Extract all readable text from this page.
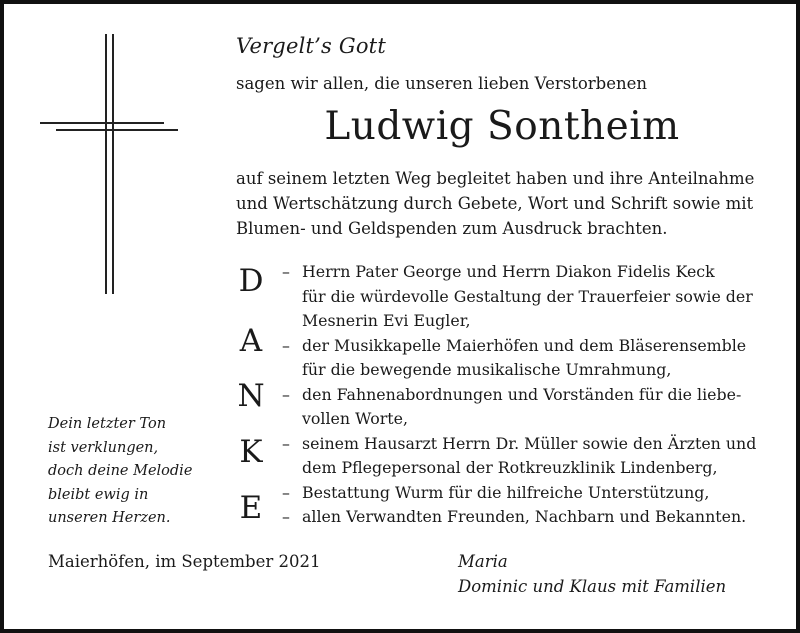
Vergelt’s Gott
sagen wir allen, die unseren lieben Verstorbenen
Ludwig Sontheim
auf seinem letzten Weg begleitet haben und ihre Anteilnahme
und Wertschätzung durch Gebete, Wort und Schrift sowie mit
Blumen- und Geldspenden zum Ausdruck brachten.
D
A
N
K
E
– Herrn Pater George und Herrn Diakon Fidelis Keck
für die würdevolle Gestaltung der Trauerfeier sowie der
Mesnerin Evi Eugler,
– der Musikkapelle Maierhöfen und dem Bläserensemble
für die bewegende musikalische Umrahmung,
– den Fahnenabordnungen und Vorständen für die liebe-
vollen Worte,
– seinem Hausarzt Herrn Dr. Müller sowie den Ärzten und
dem Pflegepersonal der Rotkreuzklinik Lindenberg,
– Bestattung Wurm für die hilfreiche Unterstützung,
– allen Verwandten Freunden, Nachbarn und Bekannten.
Dein letzter Ton
ist verklungen,
doch deine Melodie
bleibt ewig in
unseren Herzen.
Maierhöfen, im September 2021	Maria
Dominic und Klaus mit Familien
